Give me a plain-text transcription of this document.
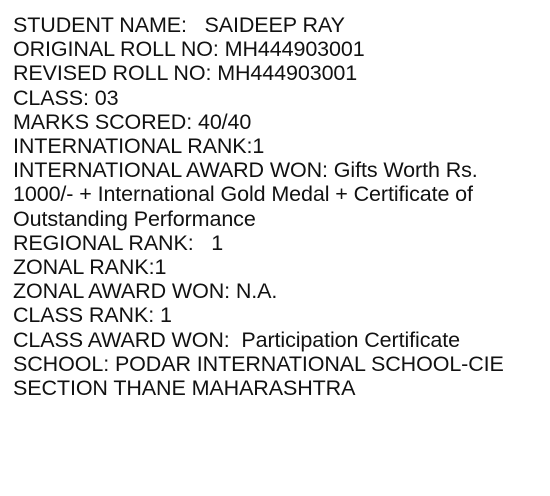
STUDENT NAME:   SAIDEEP RAY
ORIGINAL ROLL NO: MH444903001
REVISED ROLL NO: MH444903001
CLASS: 03
MARKS SCORED: 40/40
INTERNATIONAL RANK:1
INTERNATIONAL AWARD WON: Gifts Worth Rs.
1000/- + International Gold Medal + Certificate of
Outstanding Performance
REGIONAL RANK:   1
ZONAL RANK:1
ZONAL AWARD WON: N.A.
CLASS RANK: 1
CLASS AWARD WON:  Participation Certificate
SCHOOL: PODAR INTERNATIONAL SCHOOL-CIE
SECTION THANE MAHARASHTRA
